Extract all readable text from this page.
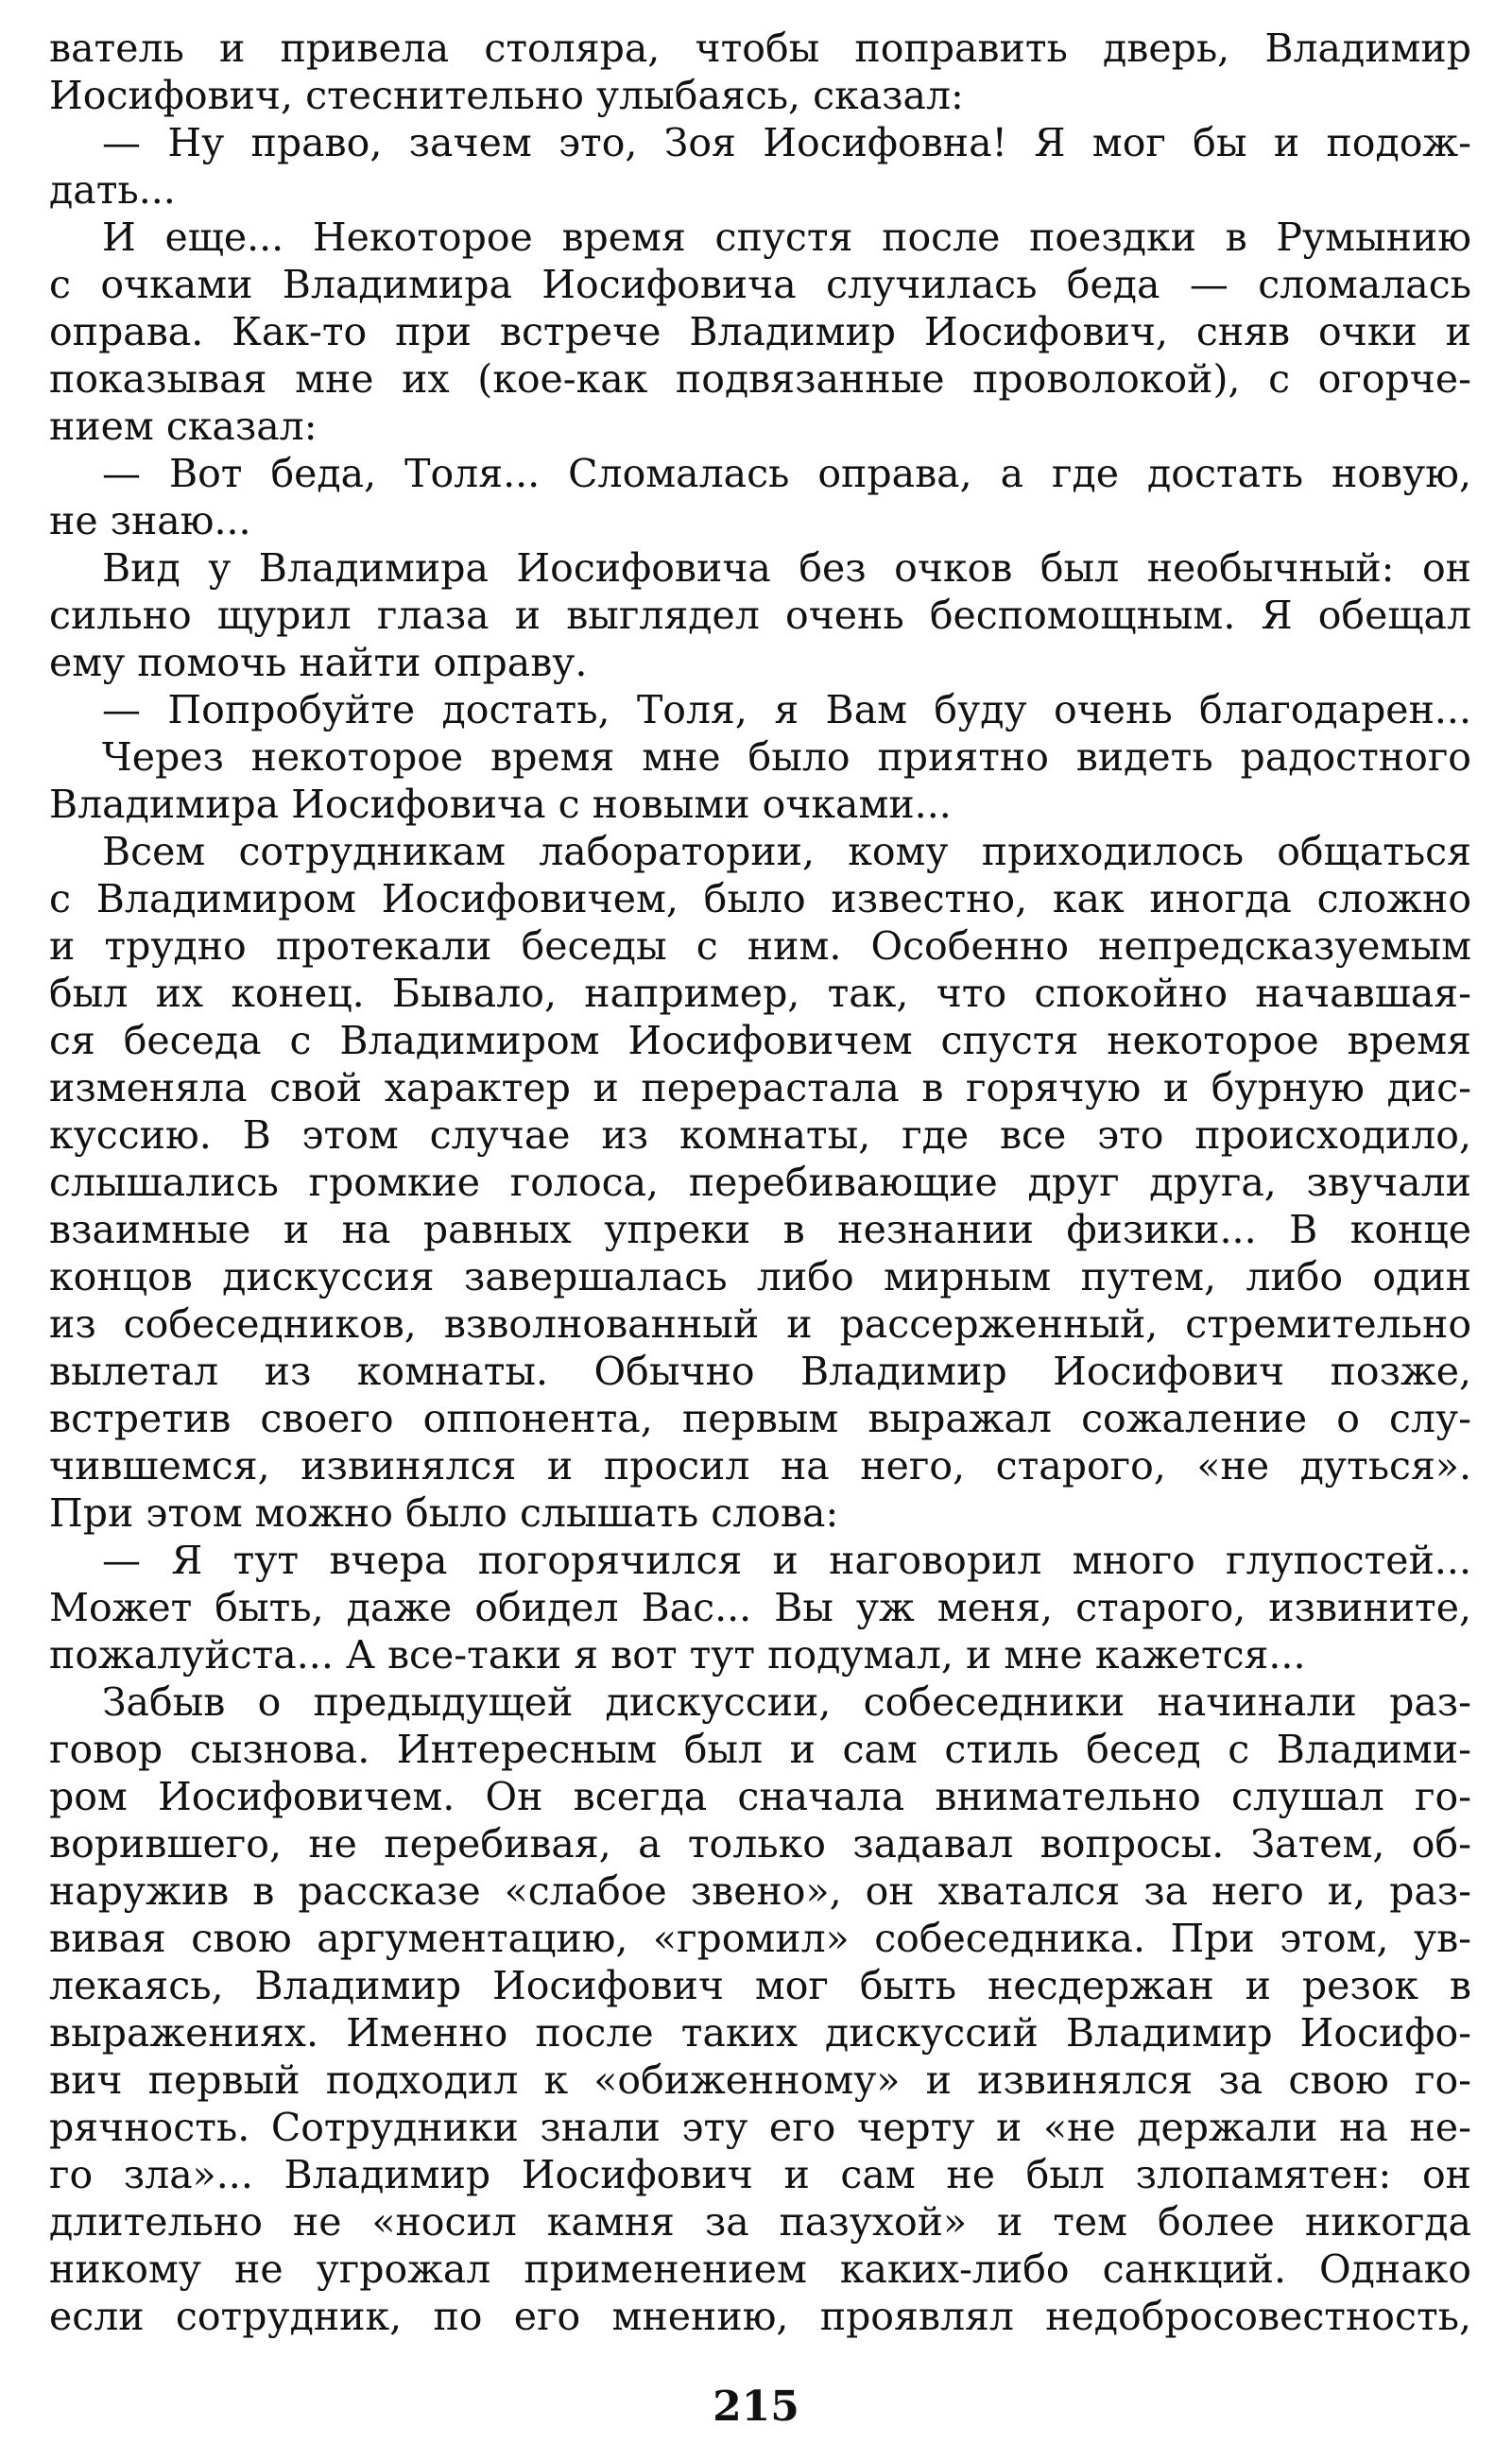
ватель и привела столяра, чтобы поправить дверь, Владимир
Иосифович, стеснительно улыбаясь, сказал:
— Ну право, зачем это, Зоя Иосифовна! Я мог бы и подож-
дать...
И еще... Некоторое время спустя после поездки в Румынию
с очками Владимира Иосифовича случилась беда — сломалась
оправа. Как-то при встрече Владимир Иосифович, сняв очки и
показывая мне их (кое-как подвязанные проволокой), с огорче-
нием сказал:
— Вот беда, Толя... Сломалась оправа, а где достать новую,
не знаю...
Вид у Владимира Иосифовича без очков был необычный: он
сильно щурил глаза и выглядел очень беспомощным. Я обещал
ему помочь найти оправу.
— Попробуйте достать, Толя, я Вам буду очень благодарен...
Через некоторое время мне было приятно видеть радостного
Владимира Иосифовича с новыми очками...
Всем сотрудникам лаборатории, кому приходилось общаться
с Владимиром Иосифовичем, было известно, как иногда сложно
и трудно протекали беседы с ним. Особенно непредсказуемым
был их конец. Бывало, например, так, что спокойно начавшая-
ся беседа с Владимиром Иосифовичем спустя некоторое время
изменяла свой характер и перерастала в горячую и бурную дис-
куссию. В этом случае из комнаты, где все это происходило,
слышались громкие голоса, перебивающие друг друга, звучали
взаимные и на равных упреки в незнании физики... В конце
концов дискуссия завершалась либо мирным путем, либо один
из собеседников, взволнованный и рассерженный, стремительно
вылетал из комнаты. Обычно Владимир Иосифович позже,
встретив своего оппонента, первым выражал сожаление о слу-
чившемся, извинялся и просил на него, старого, «не дуться».
При этом можно было слышать слова:
— Я тут вчера погорячился и наговорил много глупостей...
Может быть, даже обидел Вас... Вы уж меня, старого, извините,
пожалуйста... А все-таки я вот тут подумал, и мне кажется...
Забыв о предыдущей дискуссии, собеседники начинали раз-
говор сызнова. Интересным был и сам стиль бесед с Владими-
ром Иосифовичем. Он всегда сначала внимательно слушал го-
ворившего, не перебивая, а только задавал вопросы. Затем, об-
наружив в рассказе «слабое звено», он хватался за него и, раз-
вивая свою аргументацию, «громил» собеседника. При этом, ув-
лекаясь, Владимир Иосифович мог быть несдержан и резок в
выражениях. Именно после таких дискуссий Владимир Иосифо-
вич первый подходил к «обиженному» и извинялся за свою го-
рячность. Сотрудники знали эту его черту и «не держали на не-
го зла»... Владимир Иосифович и сам не был злопамятен: он
длительно не «носил камня за пазухой» и тем более никогда
никому не угрожал применением каких-либо санкций. Однако
если сотрудник, по его мнению, проявлял недобросовестность,
215
